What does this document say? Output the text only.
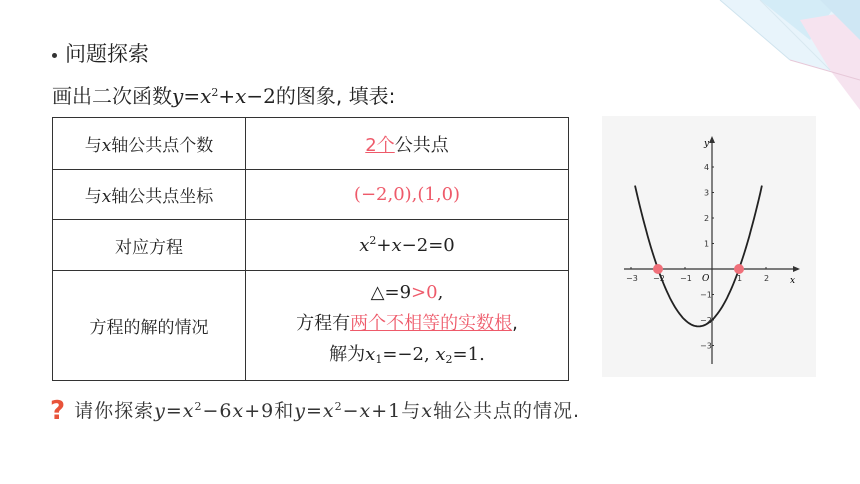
问题探索
画出二次函数$y=x^2+x-2$的图象, 填表:
与x轴公共点个数	2个公共点
与x轴公共点坐标	(−2,0),(1,0)
对应方程	$x^2+x-2=0$
方程的解的情况	△=9>0,
方程有两个不相等的实数根,
解为$x_1=-2$, $x_2=1$.
x
y
O
−3 −2 −1	1	2
4
3
2
1
−1
−2
−3
? 请你探索$y=x^2-6x+9$和$y=x^2-x+1$与x轴公共点的情况.
